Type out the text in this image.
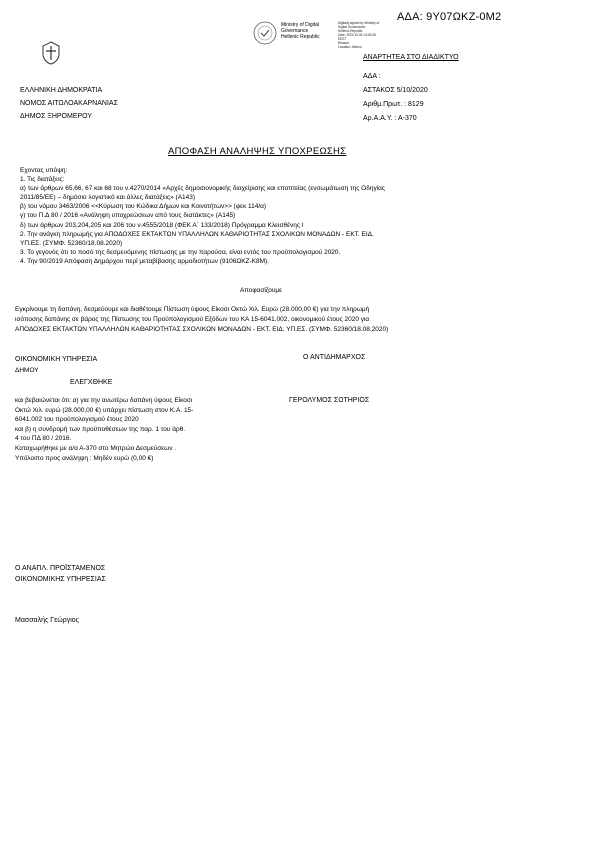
ΑΔΑ: 9Υ07ΩΚΖ-0Μ2
Ministry of Digital
Governance
Hellenic Republic
Digitally signed by Ministry of
Digital Governance,
Hellenic Republic
Date: 2020.10.05 13:33:08
EEST
Reason:
Location: Athens
ΑΝΑΡΤΗΤΕΑ ΣΤΟ ΔΙΑΔΙΚΤΥΟ
ΕΛΛΗΝΙΚΗ ΔΗΜΟΚΡΑΤΙΑ
ΝΟΜΟΣ ΑΙΤΩΛΟΑΚΑΡΝΑΝΙΑΣ
ΔΗΜΟΣ ΞΗΡΟΜΕΡΟΥ
ΑΔΑ :
ΑΣΤΑΚΟΣ 5/10/2020
Αριθμ.Πρωτ. : 8129
Αρ.Α.Α.Υ. : Α-370
ΑΠΟΦΑΣΗ ΑΝΑΛΗΨΗΣ ΥΠΟΧΡΕΩΣΗΣ
Εχοντας υπόψη:
1. Τις διατάξεις:
α) των άρθρων 65,66, 67 και 68 του ν.4270/2014 «Αρχές δημοσιονομικής διαχείρισης και εποπτείας (ενσωμάτωση της Οδηγίας
2011/85/ΕΕ) – δημόσιο λογιστικό και άλλες διατάξεις» (Α143)
β) του νόμου 3463/2006 <<Κύρωση του Κώδικα Δήμων και Κοινοτήτων>> (φεκ 114/α)
γ) του Π.Δ 80 / 2016 «Ανάληψη υποχρεώσεων από τους διατάκτες» (Α145)
δ) των άρθρων 203,204,205 και 206 του ν.4555/2018 (ΦΕΚ Α΄ 133/2018) Πρόγραμμα Κλεισθένης Ι
2. Την ανάγκη πληρωμής για ΑΠΟΔΟΧΕΣ ΕΚΤΑΚΤΩΝ ΥΠΑΛΛΗΛΩΝ ΚΑΘΑΡΙΟΤΗΤΑΣ ΣΧΟΛΙΚΩΝ ΜΟΝΑΔΩΝ - ΕΚΤ. ΕΙΔ.
ΥΠ.ΕΣ. (ΣΥΜΦ. 52360/18.08.2020)
3. Το γεγονός ότι το ποσό της δεσμευόμενης πίστωσης με την παρούσα, είναι εντός του προϋπολογισμού 2020.
4. Την 90/2019 Απόφαση Δημάρχου περί μεταβίβασης αρμοδιοτήτων (9106ΩΚΖ-Κ8Μ).
Αποφασίζουμε
Εγκρίνουμε τη δαπάνη, δεσμεύουμε και διαθέτουμε Πίστωση ύψους Είκοσι Οκτώ Χιλ. Ευρώ (28.000,00 €) για την πληρωμή
ισόποσης δαπάνης σε βάρος της Πίστωσης του Προϋπολογισμού Εξόδων του ΚΑ 15-6041.002, οικονομικού έτους 2020 για
ΑΠΟΔΟΧΕΣ ΕΚΤΑΚΤΩΝ ΥΠΑΛΛΗΛΩΝ ΚΑΘΑΡΙΟΤΗΤΑΣ ΣΧΟΛΙΚΩΝ ΜΟΝΑΔΩΝ - ΕΚΤ. ΕΙΔ. ΥΠ.ΕΣ. (ΣΥΜΦ. 52360/18.08.2020)
ΟΙΚΟΝΟΜΙΚΗ ΥΠΗΡΕΣΙΑ
ΔΗΜΟΥ
ΕΛΕΓΧΘΗΚΕ
και βεβαιώνεται ότι: α) για την ανωτέρω δαπάνη ύψους Είκοσι
Οκτώ Χιλ. ευρώ (28.000,00 €) υπάρχει πίστωση στον Κ.Α. 15-
6041.002 του προϋπολογισμού έτους 2020
και β) η συνδρομή των προϋποθέσεων της παρ. 1 του άρθ.
4 του ΠΔ 80 / 2016.
Καταχωρήθηκε με α/α Α-370 στο Μητρώο Δεσμεύσεων .
Υπόλοιπο προς ανάληψη : Μηδέν ευρώ (0,00 €)
Ο ΑΝΤΙΔΗΜΑΡΧΟΣ
ΓΕΡΟΛΥΜΟΣ ΣΩΤΗΡΙΟΣ
Ο ΑΝΑΠΛ. ΠΡΟΪΣΤΑΜΕΝΟΣ
ΟΙΚΟΝΟΜΙΚΗΣ ΥΠΗΡΕΣΙΑΣ
Μασσαλής Γεώργιος
